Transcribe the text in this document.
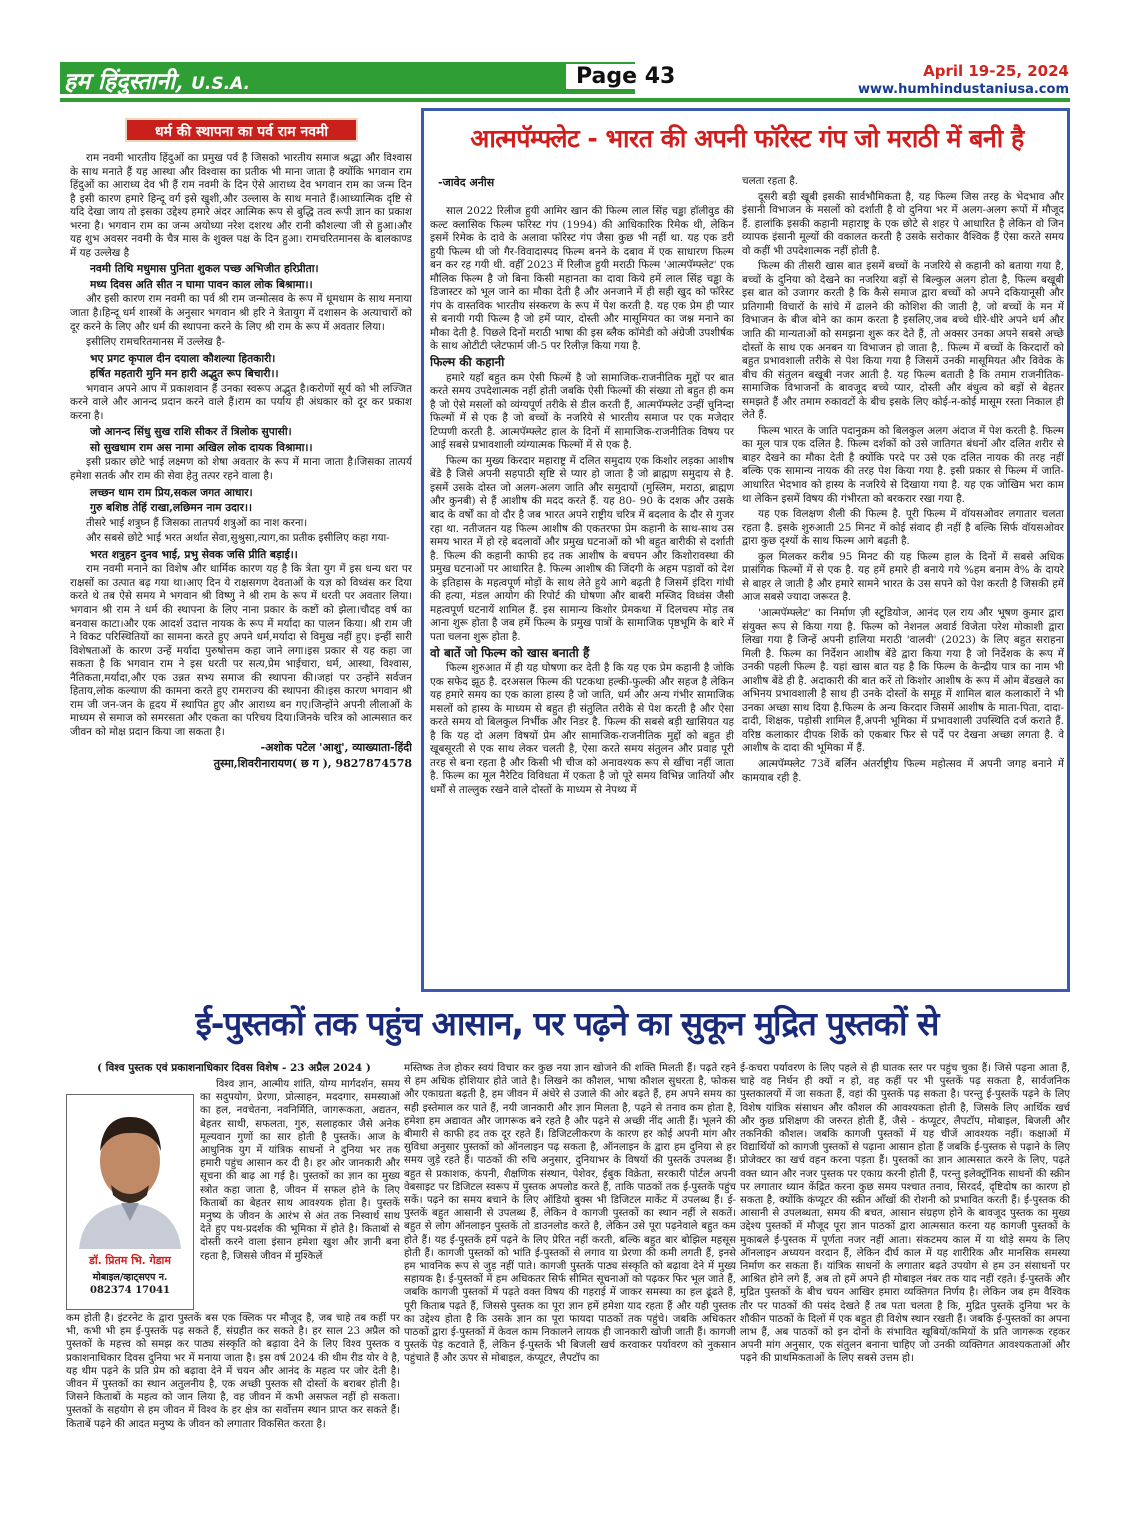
हम हिंदुस्तानी, U.S.A.	Page 43	April 19-25, 2024
www.humhindustaniusa.com
धर्म की स्थापना का पर्व राम नवमी

राम नवमी भारतीय हिंदुओं का प्रमुख पर्व है जिसको भारतीय समाज श्रद्धा और विश्वास के साथ मनाते हैं यह आस्था और विश्वास का प्रतीक भी माना जाता है क्योंकि भगवान राम हिंदुओं का आराध्य देव भी हैं राम नवमी के दिन ऐसे आराध्य देव भगवान राम का जन्म दिन है इसी कारण हमारे हिन्दू वर्ग इसे खुशी,और उल्लास के साथ मनाते हैं।आध्यात्मिक दृष्टि से यदि देखा जाय तो इसका उद्देश्य हमारे अंदर आत्मिक रूप से बुद्धि तत्व रूपी ज्ञान का प्रकाश भरना है। भगवान राम का जन्म अयोध्या नरेश दशरथ और रानी कौशल्या जी से हुआ।और यह शुभ अवसर नवमी के चैत्र मास के शुक्ल पक्ष के दिन हुआ। रामचरितमानस के बालकाण्ड में यह उल्लेख है

नवमी तिथि मधुमास पुनिता शुकल पच्छ अभिजीत हरिप्रीता।

मध्य दिवस अति सीत न घामा पावन काल लोक बिश्रामा।।

और इसी कारण राम नवमी का पर्व श्री राम जन्मोत्सव के रूप में धूमधाम के साथ मनाया जाता है।हिन्दू धर्म शास्त्रों के अनुसार भगवान श्री हरि ने त्रेतायुग में दशासन के अत्याचारों को दूर करने के लिए और धर्म की स्थापना करने के लिए श्री राम के रूप में अवतार लिया।

इसीलिए रामचरितमानस में उल्लेख है-

भए प्रगट कृपाल दीन दयाला कौशल्या हितकारी।

हर्षित महतारी मुनि मन हारी अद्भुत रूप बिचारी।।

भगवान अपने आप में प्रकाशवान हैं उनका स्वरूप अद्भुत है।करोणों सूर्य को भी लज्जित करने वाले और आनन्द प्रदान करने वाले हैं।राम का पर्याय ही अंधकार को दूर कर प्रकाश करना है।

जो आनन्द सिंधु सुख राशि सीकर तें त्रिलोक सुपासी।

सो सुखधाम राम अस नामा अखिल लोक दायक विश्रामा।।

इसी प्रकार छोटे भाई लक्ष्मण को शेषा अवतार के रूप में माना जाता है।जिसका तात्पर्य हमेशा सतर्क और राम की सेवा हेतु तत्पर रहने वाला है।

लच्छन धाम राम प्रिय,सकल जगत आधार।

गुरु बशिष्ठ तेहिं राखा,लछिमन नाम उदार।।

तीसरे भाई शत्रुघ्न हैं जिसका तातपर्य शत्रुओं का नाश करना।

और सबसे छोटे भाई भरत अर्थात सेवा,सुश्रुसा,त्याग,का प्रतीक इसीलिए कहा गया-

भरत शत्रुहन दुनव भाई, प्रभु सेवक जसि प्रीति बड़ाई।।

राम नवमी मनाने का विशेष और धार्मिक कारण यह है कि त्रेता युग में इस धन्य धरा पर राक्षसों का उत्पात बढ़ गया था।आए दिन ये राक्षसगण देवताओं के यज्ञ को विध्वंस कर दिया करते थे तब ऐसे समय मे भगवान श्री विष्णु ने श्री राम के रूप में धरती पर अवतार लिया।भगवान श्री राम ने धर्म की स्थापना के लिए नाना प्रकार के कष्टों को झेला।चौदह वर्ष का बनवास काटा।और एक आदर्श उदात्त नायक के रूप में मर्यादा का पालन किया। श्री राम जी ने विकट परिस्थितियों का सामना करते हुए अपने धर्म,मर्यादा से विमुख नहीं हुए। इन्हीं सारी विशेषताओं के कारण उन्हें मर्यादा पुरुषोत्तम कहा जाने लगा।इस प्रकार से यह कहा जा सकता है कि भगवान राम ने इस धरती पर सत्य,प्रेम भाईचारा, धर्म, आस्था, विश्वास, नैतिकता,मर्यादा,और एक उन्नत सभ्य समाज की स्थापना की।जहां पर उन्होंने सर्वजन हिताय,लोक कल्याण की कामना करते हुए रामराज्य की स्थापना की।इस कारण भगवान श्री राम जी जन-जन के हृदय में स्थापित हुए और आराध्य बन गए।जिन्होंने अपनी लीलाओं के माध्यम से समाज को समरसता और एकता का परिचय दिया।जिनके चरित्र को आत्मसात कर जीवन को मोक्ष प्रदान किया जा सकता है।

-अशोक पटेल 'आशु', व्याख्याता-हिंदी

तुस्मा,शिवरीनारायण( छ ग ), 9827874578

आत्मपॅम्फ्लेट - भारत की अपनी फॉरेस्ट गंप जो मराठी में बनी है
-जावेद अनीस

साल 2022 रिलीज हुयी आमिर खान की फिल्म लाल सिंह चड्ढा हॉलीवुड की कल्ट क्लासिक फिल्म फॉरेस्ट गंप (1994) की आधिकारिक रिमेक थी, लेकिन इसमें रिमेक के दावे के अलावा फॉरेस्ट गंप जैसा कुछ भी नहीं था. यह एक डरी हुयी फिल्म थी जो गैर-विवादास्पद फिल्म बनने के दबाव में एक साधारण फिल्म बन कर रह गयी थी. वहीँ 2023 में रिलीज हुयी मराठी फिल्म 'आत्मपॅम्फ्लेट' एक मौलिक फिल्म है जो बिना किसी महानता का दावा किये हमें लाल सिंह चड्ढा के डिजास्टर को भूल जाने का मौका देती है और अनजाने में ही सही खुद को फॉरेस्ट गंप के वास्तविक भारतीय संस्करण के रूप में पेश करती है. यह एक प्रेम ही प्यार से बनायी गयी फिल्म है जो हमें प्यार, दोस्ती और मासूमियत का जश्न मनाने का मौका देती है. पिछले दिनों मराठी भाषा की इस ब्लैक कॉमेडी को अंग्रेजी उपशीर्षक के साथ ओटीटी प्लेटफार्म जी-5 पर रिलीज़ किया गया है.

फिल्म की कहानी

हमारे यहाँ बहुत कम ऐसी फिल्में है जो सामाजिक-राजनीतिक मुद्दों पर बात करते समय उपदेशात्मक नहीं होती जबकि ऐसी फिल्मों की संख्या तो बहुत ही कम है जो ऐसे मसलों को व्यंग्यपूर्ण तरीके से डील करती हैं, आत्मपॅम्फ्लेट उन्हीं चुनिन्दा फिल्मों में से एक है जो बच्चों के नजरिये से भारतीय समाज पर एक मजेदार टिप्पणी करती है. आत्मपॅम्फ्लेट हाल के दिनों में सामाजिक-राजनीतिक विषय पर आई सबसे प्रभावशाली व्यंग्यात्मक फिल्मों में से एक है.

फिल्म का मुख्य किरदार महाराष्ट्र में दलित समुदाय एक किशोर लड़का आशीष बेंडे है जिसे अपनी सहपाठी सृष्टि से प्यार हो जाता है जो ब्राह्मण समुदाय से है. इसमें उसके दोस्त जो अलग-अलग जाति और समुदायों (मुस्लिम, मराठा, ब्राह्मण और कुनबी) से हैं आशीष की मदद करते हैं. यह 80- 90 के दशक और उसके बाद के वर्षों का वो दौर है जब भारत अपने राष्ट्रीय चरित्र में बदलाव के दौर से गुजर रहा था. नतीजतन यह फिल्म आशीष की एकतरफा प्रेम कहानी के साथ-साथ उस समय भारत में हो रहे बदलावों और प्रमुख घटनाओं को भी बहुत बारीकी से दर्शाती है. फिल्म की कहानी काफी हद तक आशीष के बचपन और किशोरावस्था की प्रमुख घटनाओं पर आधारित है. फिल्म आशीष की जिंदगी के अहम पड़ावों को देश के इतिहास के महत्वपूर्ण मोड़ों के साथ लेते हुये आगे बढ़ती है जिसमें इंदिरा गांधी की हत्या, मंडल आयोग की रिपोर्ट की घोषणा और बाबरी मस्जिद विध्वंस जैसी महत्वपूर्ण घटनायें शामिल हैं. इस सामान्य किशोर प्रेमकथा में दिलचस्प मोड़ तब आना शुरू होता है जब हमें फिल्म के प्रमुख पात्रों के सामाजिक पृष्ठभूमि के बारे में पता चलना शुरू होता है.

वो बातें जो फिल्म को खास बनाती हैं

फिल्म शुरुआत में ही यह घोषणा कर देती है कि यह एक प्रेम कहानी है जोकि एक सफेद झूठ है. दरअसल फिल्म की पटकथा हल्की-फुल्की और सहज है लेकिन यह हमारे समय का एक काला हास्य है जो जाति, धर्म और अन्य गंभीर सामाजिक मसलों को हास्य के माध्यम से बहुत ही संतुलित तरीके से पेश करती है और ऐसा करते समय वो बिलकुल निर्भीक और निडर है. फिल्म की सबसे बड़ी खासियत यह है कि यह दो अलग विषयों प्रेम और सामाजिक-राजनीतिक मुद्दों को बहुत ही खूबसूरती से एक साथ लेकर चलती है, ऐसा करते समय संतुलन और प्रवाह पूरी तरह से बना रहता है और किसी भी चीज को अनावश्यक रूप से खींचा नहीं जाता है. फिल्म का मूल नैरेटिव विविधता में एकता है जो पूरे समय विभिन्न जातियों और धर्मों से ताल्लुक रखने वाले दोस्तों के माध्यम से नेपथ्य में

चलता रहता है.

दूसरी बड़ी खूबी इसकी सार्वभौमिकता है, यह फिल्म जिस तरह के भेदभाव और इंसानी विभाजन के मसलों को दर्शाती है वो दुनिया भर में अलग-अलग रूपों में मौजूद हैं. हालांकि इसकी कहानी महाराष्ट्र के एक छोटे से शहर पे आधारित है लेकिन वो जिन व्यापक इंसानी मूल्यों की वकालत करती है उसके सरोकार वैश्विक हैं ऐसा करते समय वो कहीं भी उपदेशात्मक नहीं होती है.

फिल्म की तीसरी खास बात इसमें बच्चों के नजरिये से कहानी को बताया गया है, बच्चों के दुनिया को देखने का नजरिया बड़ों से बिल्कुल अलग होता है, फिल्म बखूबी इस बात को उजागर करती है कि कैसे समाज द्वारा बच्चों को अपने दकियानूसी और प्रतिगामी विचारों के सांचे में ढालने की कोशिश की जाती है, जो बच्चों के मन में विभाजन के बीज बोने का काम करता है इसलिए,जब बच्चे धीरे-धीरे अपने धर्म और जाति की मान्यताओं को समझना शुरू कर देते हैं, तो अक्सर उनका अपने सबसे अच्छे दोस्तों के साथ एक अनबन या विभाजन हो जाता है,. फिल्म में बच्चों के किरदारों को बहुत प्रभावशाली तरीके से पेश किया गया है जिसमें उनकी मासूमियत और विवेक के बीच की संतुलन बखूबी नजर आती है. यह फिल्म बताती है कि तमाम राजनीतिक-सामाजिक विभाजनों के बावजूद बच्चे प्यार, दोस्ती और बंधुत्व को बड़ों से बेहतर समझते हैं और तमाम रुकावटों के बीच इसके लिए कोई-न-कोई मासूम रस्ता निकाल ही लेते हैं.

फिल्म भारत के जाति पदानुक्रम को बिलकुल अलग अंदाज में पेश करती है. फिल्म का मूल पात्र एक दलित है. फिल्म दर्शकों को उसे जातिगत बंधनों और दलित शरीर से बाहर देखने का मौका देती है क्योंकि परदे पर उसे एक दलित नायक की तरह नहीं बल्कि एक सामान्य नायक की तरह पेश किया गया है. इसी प्रकार से फिल्म में जाति-आधारित भेदभाव को हास्य के नजरिये से दिखाया गया है. यह एक जोखिम भरा काम था लेकिन इसमें विषय की गंभीरता को बरकरार रखा गया है.

यह एक विलक्षण शैली की फिल्म है. पूरी फिल्म में वॉयसओवर लगातार चलता रहता है. इसके शुरुआती 25 मिनट में कोई संवाद ही नहीं है बल्कि सिर्फ वॉयसओवर द्वारा कुछ दृश्यों के साथ फिल्म आगे बढ़ती है.

कुल मिलकर करीब 95 मिनट की यह फिल्म हाल के दिनों में सबसे अधिक प्रासंगिक फिल्मों में से एक है. यह हमें हमारे ही बनाये गये %हम बनाम वे% के दायरे से बाहर ले जाती है और हमारे सामने भारत के उस सपने को पेश करती है जिसकी हमें आज सबसे ज्यादा जरूरत है.

'आत्मपॅम्फ्लेट' का निर्माण ज़ी स्टूडियोज, आनंद एल राय और भूषण कुमार द्वारा संयुक्त रूप से किया गया है. फिल्म को नेशनल अवार्ड विजेता परेश मोकाशी द्वारा लिखा गया है जिन्हें अपनी हालिया मराठी 'वालवी' (2023) के लिए बहुत सराहना मिली है. फिल्म का निर्देशन आशीष बेंडे द्वारा किया गया है जो निर्देशक के रूप में उनकी पहली फिल्म है. यहां खास बात यह है कि फिल्म के केन्द्रीय पात्र का नाम भी आशीष बेंडे ही है. अदाकारी की बात करें तो किशोर आशीष के रूप में ओम बेंडखले का अभिनय प्रभावशाली है साथ ही उनके दोस्तों के समूह में शामिल बाल कलाकारों ने भी उनका अच्छा साथ दिया है.फिल्म के अन्य किरदार जिसमें आशीष के माता-पिता, दादा-दादी, शिक्षक, पड़ोसी शामिल हैं,अपनी भूमिका में प्रभावशाली उपस्थिति दर्ज कराते हैं. वरिष्ठ कलाकार दीपक शिर्के को एकबार फिर से पर्दे पर देखना अच्छा लगता है. वे आशीष के दादा की भूमिका में हैं.

आत्मपॅम्फ्लेट 73वें बर्लिन अंतर्राष्ट्रीय फिल्म महोत्सव में अपनी जगह बनाने में कामयाब रही है.

ई-पुस्तकों तक पहुंच आसान, पर पढ़ने का सुकून मुद्रित पुस्तकों से
( विश्व पुस्तक एवं प्रकाशनाधिकार दिवस विशेष - 23 अप्रैल 2024 )
डॉ. प्रितम भि. गेडाम
मोबाइल/व्हाट्सएप न.
082374 17041

विश्व ज्ञान, आत्मीय शांति, योग्य मार्गदर्शन, समय का सदुपयोग, प्रेरणा, प्रोत्साहन, मददगार, समस्याओं का हल, नवचेतना, नवनिर्मिति, जागरूकता, अद्यतन, बेहतर साथी, सफलता, गुरु, सलाहकार जैसे अनेक मूल्यवान गुणों का सार होती है पुस्तकें। आज के आधुनिक युग में यांत्रिक साधनों ने दुनिया भर तक हमारी पहुंच आसान कर दी है। हर ओर जानकारी और सूचना की बाढ़ आ गई है। पुस्तकों का ज्ञान का मुख्य स्त्रोत कहा जाता है, जीवन में सफल होने के लिए किताबों का बेहतर साथ आवश्यक होता है। पुस्तकें मनुष्य के जीवन के आरंभ से अंत तक निस्वार्थ साथ देते हुए पथ-प्रदर्शक की भूमिका में होते है। किताबों से दोस्ती करने वाला इंसान हमेशा खुश और ज्ञानी बना रहता है, जिससे जीवन में मुश्किलें

कम होती है। इंटरनेट के द्वारा पुस्तकें बस एक क्लिक पर मौजूद है, जब चाहे तब कहीं पर भी, कभी भी हम ई-पुस्तकें पढ़ सकते हैं, संग्रहीत कर सकते है। हर साल 23 अप्रैल को पुस्तकों के महत्त्व को समझ कर पाठ्य संस्कृति को बढ़ावा देने के लिए विश्व पुस्तक व प्रकाशनाधिकार दिवस दुनिया भर में मनाया जाता है। इस वर्ष 2024 की थीम रीड योर वे है, यह थीम पढ़ने के प्रति प्रेम को बढ़ावा देने में चयन और आनंद के महत्व पर जोर देती है। जीवन में पुस्तकों का स्थान अतुलनीय है, एक अच्छी पुस्तक सौ दोस्तों के बराबर होती है। जिसने किताबों के महत्व को जान लिया है, वह जीवन में कभी असफल नहीं हो सकता। पुस्तकों के सहयोग से हम जीवन में विश्व के हर क्षेत्र का सर्वोत्तम स्थान प्राप्त कर सकते हैं। किताबें पढ़ने की आदत मनुष्य के जीवन को लगातार विकसित करता है।

मस्तिष्क तेज होकर स्वयं विचार कर कुछ नया ज्ञान खोजने की शक्ति मिलती हैं। पढ़ते रहने से हम अधिक होशियार होते जाते है। लिखने का कौशल, भाषा कौशल सुधरता है, फोकस और एकाग्रता बढ़ती है, हम जीवन में अंधेरे से उजाले की ओर बढ़ते हैं, हम अपने समय का सही इस्तेमाल कर पाते हैं, नयी जानकारी और ज्ञान मिलता है, पढ़ने से तनाव कम होता है, हमेशा हम अद्यावत और जागरूक बने रहते है और पढ़ने से अच्छी नींद आती हैं। भूलने की बीमारी से काफी हद तक दूर रहते हैं। डिजिटलीकरण के कारण हर कोई अपनी मांग और सुविधा अनुसार पुस्तकों को ऑनलाइन पढ़ सकता है, ऑनलाइन के द्वारा हम दुनिया से हर समय जुड़े रहते हैं। पाठकों की रुचि अनुसार, दुनियाभर के विषयों की पुस्तकें उपलब्ध हैं। बहुत से प्रकाशक, कंपनी, शैक्षणिक संस्थान, पेशेवर, ईबुक विक्रेता, सरकारी पोर्टल अपनी वेबसाइट पर डिजिटल स्वरूप में पुस्तक अपलोड करते हैं, ताकि पाठकों तक ई-पुस्तकें पहुंच सकें। पढ़ने का समय बचाने के लिए ऑडियो बुक्स भी डिजिटल मार्केट में उपलब्ध हैं। ई-पुस्तकें बहुत आसानी से उपलब्ध हैं, लेकिन वे कागजी पुस्तकों का स्थान नहीं ले सकतें। बहुत से लोग ऑनलाइन पुस्तकें तो डाउनलोड करते है, लेकिन उसे पूरा पढ़नेवाले बहुत कम होते हैं। यह ई-पुस्तकें हमें पढ़ने के लिए प्रेरित नहीं करती, बल्कि बहुत बार बोझिल महसूस होती हैं। कागजी पुस्तकों को भांति ई-पुस्तकों से लगाव या प्रेरणा की कमी लगती हैं, इनसे हम भावनिक रूप से जुड़ नहीं पाते। कागजी पुस्तकें पाठ्य संस्कृति को बढ़ावा देने में मुख्य सहायक है। ई-पुस्तकों में हम अधिकतर सिर्फ सीमित सूचनाओं को पढ़कर फिर भूल जाते हैं, जबकि कागजी पुस्तकों में पढ़ते वक्त विषय की गहराई में जाकर समस्या का हल ढूंढते हैं, पूरी किताब पढ़ते हैं, जिससे पुस्तक का पूरा ज्ञान हमें हमेशा याद रहता हैं और यही पुस्तक का उद्देश्य होता है कि उसके ज्ञान का पूरा फायदा पाठकों तक पहुंचे। जबकि अधिकतर पाठकों द्वारा ई-पुस्तकों में केवल काम निकालने लायक ही जानकारी खोजी जाती हैं। कागजी पुस्तकें पेड़ कटवाते हैं, लेकिन ई-पुस्तकें भी बिजली खर्च करवाकर पर्यावरण को नुकसान पहुंचाते हैं और ऊपर से मोबाइल, कंप्यूटर, लैपटॉप का

ई-कचरा पर्यावरण के लिए पहले से ही घातक स्तर पर पहुंच चुका हैं। जिसे पढ़ना आता हैं, चाहे वह निर्धन ही क्यों न हो, वह कहीं पर भी पुस्तकें पढ़ सकता है, सार्वजनिक पुस्तकालयों में जा सकता हैं, वहां की पुस्तकें पढ़ सकता है। परन्तु ई-पुस्तकें पढ़ने के लिए विशेष यांत्रिक संसाधन और कौशल की आवश्यकता होती है, जिसके लिए आर्थिक खर्च और कुछ प्रशिक्षण की जरुरत होती हैं, जैसे - कंप्यूटर, लैपटॉप, मोबाइल, बिजली और तकनिकी कौशल। जबकि कागजी पुस्तकों में यह चीजें आवश्यक नहीं। कक्षाओं में विद्यार्थियों को कागजी पुस्तकों से पढ़ाना आसान होता हैं जबकि ई-पुस्तक से पढ़ाने के लिए प्रोजेक्टर का खर्च वहन करना पड़ता हैं। पुस्तकों का ज्ञान आत्मसात करने के लिए, पढ़ते वक्त ध्यान और नजर पुस्तक पर एकाग्र करनी होती हैं, परन्तु इलेक्ट्रॉनिक साधनों की स्क्रीन पर लगातार ध्यान केंद्रित करना कुछ समय पश्चात तनाव, सिरदर्द, दृष्टिदोष का कारण हो सकता है, क्योंकि कंप्यूटर की स्क्रीन आँखों की रोशनी को प्रभावित करती हैं। ई-पुस्तक की आसानी से उपलब्धता, समय की बचत, आसान संग्रहण होने के बावजूद पुस्तक का मुख्य उद्देश्य पुस्तकों में मौजूद पूरा ज्ञान पाठकों द्वारा आत्मसात करना यह कागजी पुस्तकों के मुकाबले ई-पुस्तक में पूर्णता नजर नहीं आता। संकटमय काल में या थोड़े समय के लिए ऑनलाइन अध्ययन वरदान हैं, लेकिन दीर्घ काल में यह शारीरिक और मानसिक समस्या निर्माण कर सकता हैं। यांत्रिक साधनों के लगातार बढ़ते उपयोग से हम उन संसाधनों पर आश्रित होने लगे हैं, अब तो हमें अपने ही मोबाइल नंबर तक याद नहीं रहते। ई-पुस्तकें और मुद्रित पुस्तकों के बीच चयन आखिर हमारा व्यक्तिगत निर्णय है। लेकिन जब हम वैश्विक तौर पर पाठकों की पसंद देखते हैं तब पता चलता है कि, मुद्रित पुस्तकें दुनिया भर के शौकीन पाठकों के दिलों में एक बहुत ही विशेष स्थान रखती हैं। जबकि ई-पुस्तकों का अपना लाभ हैं, अब पाठकों को इन दोनों के संभावित खूबियों/कमियों के प्रति जागरूक रहकर अपनी मांग अनुसार, एक संतुलन बनाना चाहिए जो उनकी व्यक्तिगत आवश्यकताओं और पढ़ने की प्राथमिकताओं के लिए सबसे उत्तम हो।
